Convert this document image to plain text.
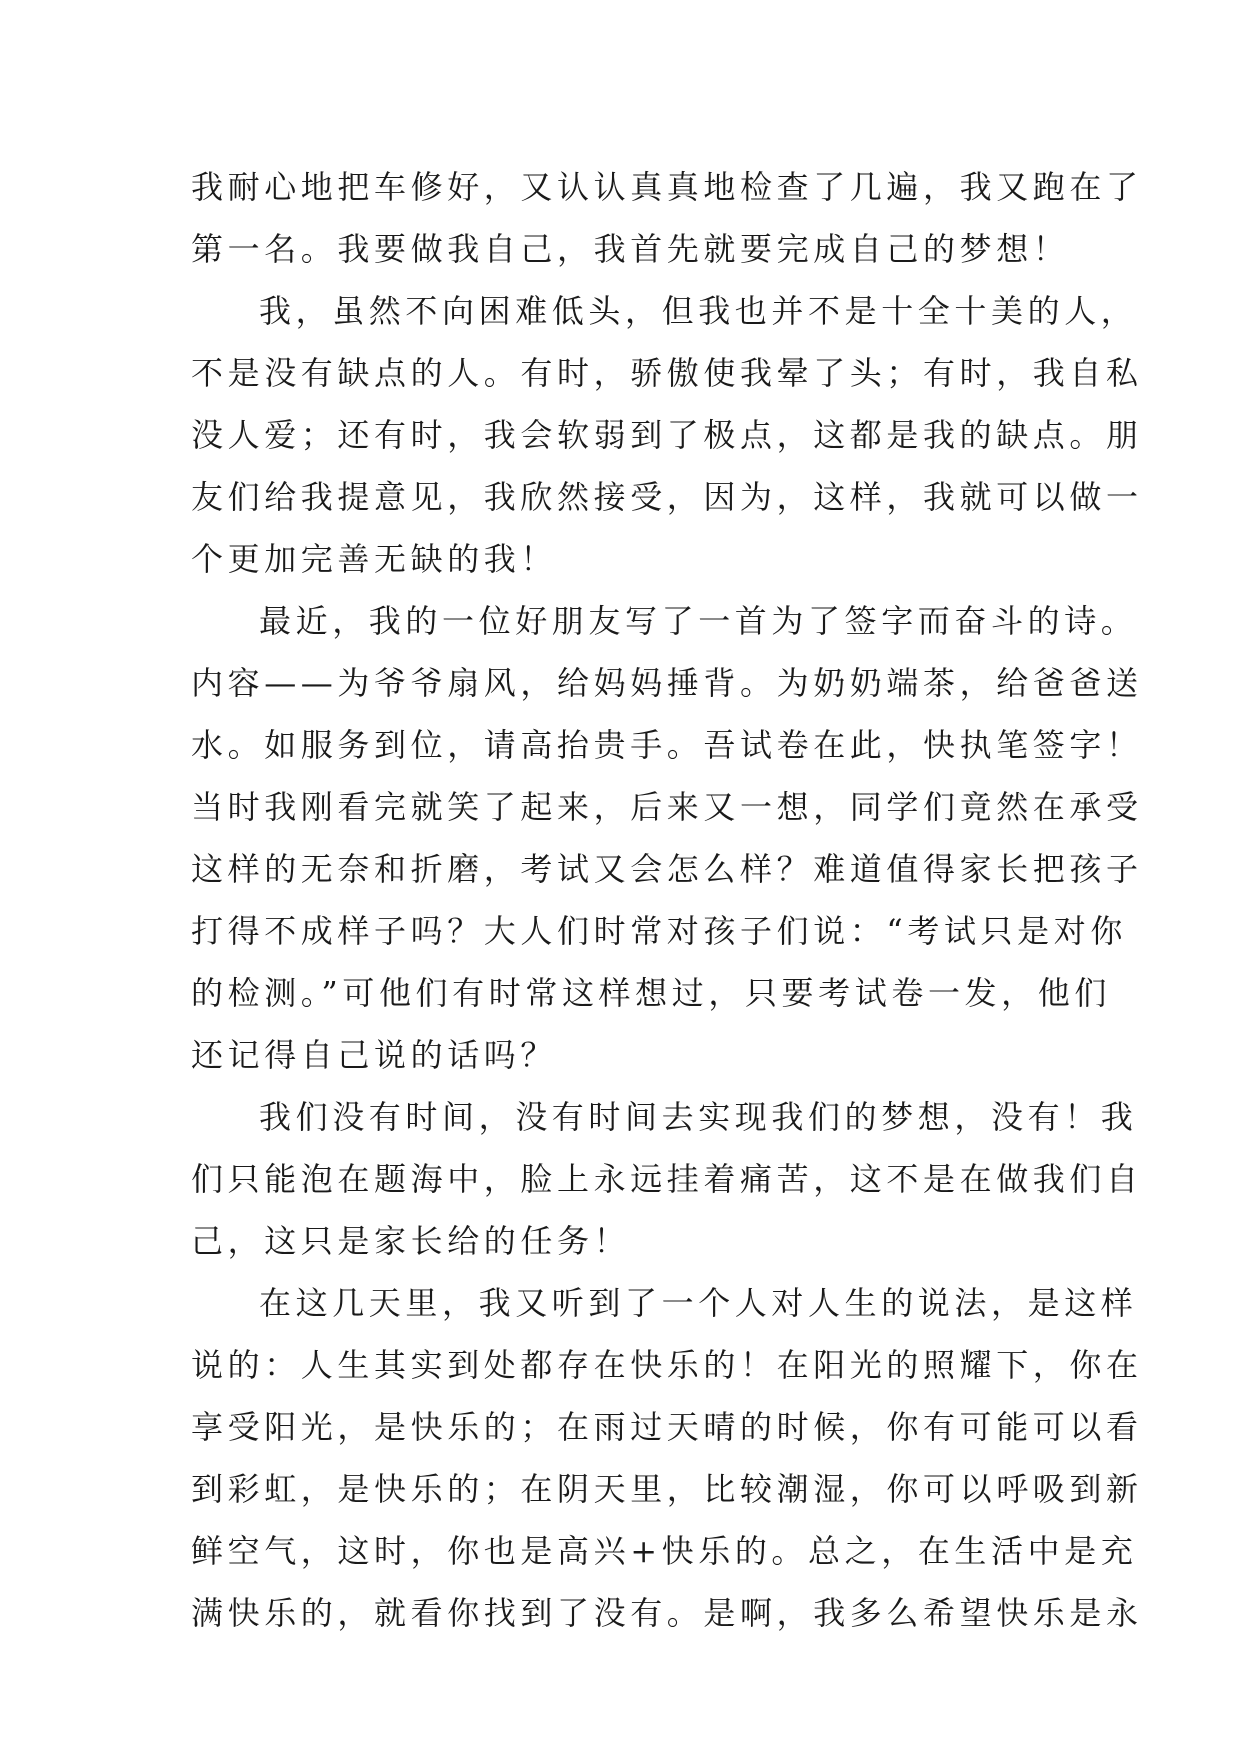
我耐心地把车修好，又认认真真地检查了几遍，我又跑在了
第一名。我要做我自己，我首先就要完成自己的梦想！
我，虽然不向困难低头，但我也并不是十全十美的人，
不是没有缺点的人。有时，骄傲使我晕了头；有时，我自私
没人爱；还有时，我会软弱到了极点，这都是我的缺点。朋
友们给我提意见，我欣然接受，因为，这样，我就可以做一
个更加完善无缺的我！
最近，我的一位好朋友写了一首为了签字而奋斗的诗。
内容——为爷爷扇风，给妈妈捶背。为奶奶端茶，给爸爸送
水。如服务到位，请高抬贵手。吾试卷在此，快执笔签字！
当时我刚看完就笑了起来，后来又一想，同学们竟然在承受
这样的无奈和折磨，考试又会怎么样？难道值得家长把孩子
打得不成样子吗？大人们时常对孩子们说：“考试只是对你
的检测。”可他们有时常这样想过，只要考试卷一发，他们
还记得自己说的话吗？
我们没有时间，没有时间去实现我们的梦想，没有！我
们只能泡在题海中，脸上永远挂着痛苦，这不是在做我们自
己，这只是家长给的任务！
在这几天里，我又听到了一个人对人生的说法，是这样
说的：人生其实到处都存在快乐的！在阳光的照耀下，你在
享受阳光，是快乐的；在雨过天晴的时候，你有可能可以看
到彩虹，是快乐的；在阴天里，比较潮湿，你可以呼吸到新
鲜空气，这时，你也是高兴+快乐的。总之，在生活中是充
满快乐的，就看你找到了没有。是啊，我多么希望快乐是永
